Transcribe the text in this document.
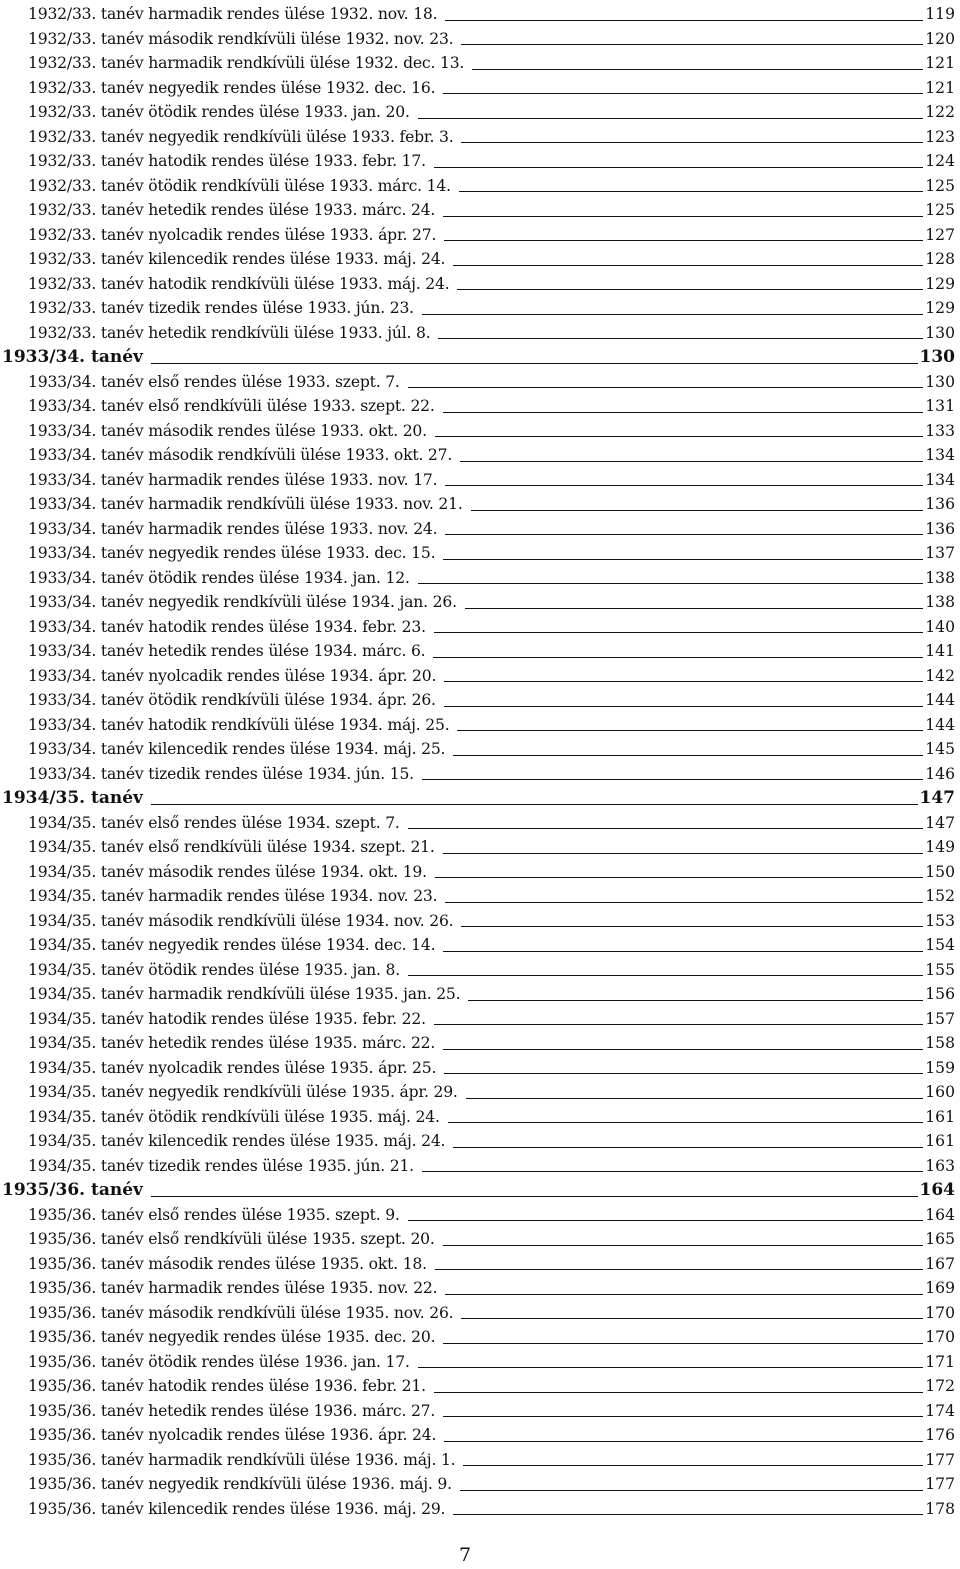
1932/33. tanév harmadik rendes ülése 1932. nov. 18.	119
1932/33. tanév második rendkívüli ülése 1932. nov. 23.	120
1932/33. tanév harmadik rendkívüli ülése 1932. dec. 13.	121
1932/33. tanév negyedik rendes ülése 1932. dec. 16.	121
1932/33. tanév ötödik rendes ülése 1933. jan. 20.	122
1932/33. tanév negyedik rendkívüli ülése 1933. febr. 3.	123
1932/33. tanév hatodik rendes ülése 1933. febr. 17.	124
1932/33. tanév ötödik rendkívüli ülése 1933. márc. 14.	125
1932/33. tanév hetedik rendes ülése 1933. márc. 24.	125
1932/33. tanév nyolcadik rendes ülése 1933. ápr. 27.	127
1932/33. tanév kilencedik rendes ülése 1933. máj. 24.	128
1932/33. tanév hatodik rendkívüli ülése 1933. máj. 24.	129
1932/33. tanév tizedik rendes ülése 1933. jún. 23.	129
1932/33. tanév hetedik rendkívüli ülése 1933. júl. 8.	130
1933/34. tanév	130
1933/34. tanév első rendes ülése 1933. szept. 7.	130
1933/34. tanév első rendkívüli ülése 1933. szept. 22.	131
1933/34. tanév második rendes ülése 1933. okt. 20.	133
1933/34. tanév második rendkívüli ülése 1933. okt. 27.	134
1933/34. tanév harmadik rendes ülése 1933. nov. 17.	134
1933/34. tanév harmadik rendkívüli ülése 1933. nov. 21.	136
1933/34. tanév harmadik rendes ülése 1933. nov. 24.	136
1933/34. tanév negyedik rendes ülése 1933. dec. 15.	137
1933/34. tanév ötödik rendes ülése 1934. jan. 12.	138
1933/34. tanév negyedik rendkívüli ülése 1934. jan. 26.	138
1933/34. tanév hatodik rendes ülése 1934. febr. 23.	140
1933/34. tanév hetedik rendes ülése 1934. márc. 6.	141
1933/34. tanév nyolcadik rendes ülése 1934. ápr. 20.	142
1933/34. tanév ötödik rendkívüli ülése 1934. ápr. 26.	144
1933/34. tanév hatodik rendkívüli ülése 1934. máj. 25.	144
1933/34. tanév kilencedik rendes ülése 1934. máj. 25.	145
1933/34. tanév tizedik rendes ülése 1934. jún. 15.	146
1934/35. tanév	147
1934/35. tanév első rendes ülése 1934. szept. 7.	147
1934/35. tanév első rendkívüli ülése 1934. szept. 21.	149
1934/35. tanév második rendes ülése 1934. okt. 19.	150
1934/35. tanév harmadik rendes ülése 1934. nov. 23.	152
1934/35. tanév második rendkívüli ülése 1934. nov. 26.	153
1934/35. tanév negyedik rendes ülése 1934. dec. 14.	154
1934/35. tanév ötödik rendes ülése 1935. jan. 8.	155
1934/35. tanév harmadik rendkívüli ülése 1935. jan. 25.	156
1934/35. tanév hatodik rendes ülése 1935. febr. 22.	157
1934/35. tanév hetedik rendes ülése 1935. márc. 22.	158
1934/35. tanév nyolcadik rendes ülése 1935. ápr. 25.	159
1934/35. tanév negyedik rendkívüli ülése 1935. ápr. 29.	160
1934/35. tanév ötödik rendkívüli ülése 1935. máj. 24.	161
1934/35. tanév kilencedik rendes ülése 1935. máj. 24.	161
1934/35. tanév tizedik rendes ülése 1935. jún. 21.	163
1935/36. tanév	164
1935/36. tanév első rendes ülése 1935. szept. 9.	164
1935/36. tanév első rendkívüli ülése 1935. szept. 20.	165
1935/36. tanév második rendes ülése 1935. okt. 18.	167
1935/36. tanév harmadik rendes ülése 1935. nov. 22.	169
1935/36. tanév második rendkívüli ülése 1935. nov. 26.	170
1935/36. tanév negyedik rendes ülése 1935. dec. 20.	170
1935/36. tanév ötödik rendes ülése 1936. jan. 17.	171
1935/36. tanév hatodik rendes ülése 1936. febr. 21.	172
1935/36. tanév hetedik rendes ülése 1936. márc. 27.	174
1935/36. tanév nyolcadik rendes ülése 1936. ápr. 24.	176
1935/36. tanév harmadik rendkívüli ülése 1936. máj. 1.	177
1935/36. tanév negyedik rendkívüli ülése 1936. máj. 9.	177
1935/36. tanév kilencedik rendes ülése 1936. máj. 29.	178
7
